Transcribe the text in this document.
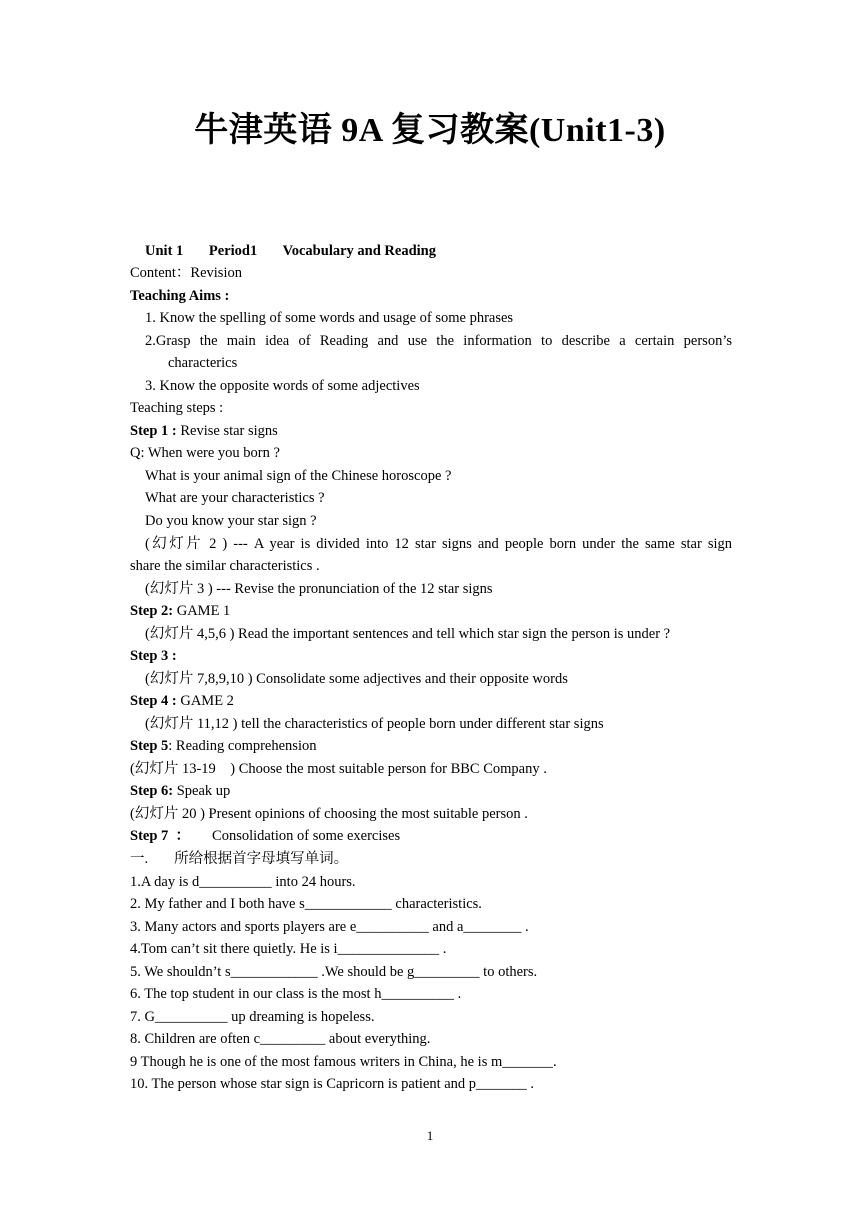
牛津英语 9A 复习教案(Unit1-3)
Unit 1 Period1 Vocabulary and Reading
Content：Revision
Teaching Aims :
1. Know the spelling of some words and usage of some phrases
2.Grasp the main idea of Reading and use the information to describe a certain person’s
characterics
3. Know the opposite words of some adjectives
Teaching steps :
Step 1 : Revise star signs
Q: When were you born ?
What is your animal sign of the Chinese horoscope ?
What are your characteristics ?
Do you know your star sign ?
(幻灯片 2 ) --- A year is divided into 12 star signs and people born under the same star sign
share the similar characteristics .
(幻灯片 3 ) --- Revise the pronunciation of the 12 star signs
Step 2: GAME 1
(幻灯片 4,5,6 ) Read the important sentences and tell which star sign the person is under ?
Step 3 :
(幻灯片 7,8,9,10 ) Consolidate some adjectives and their opposite words
Step 4 : GAME 2
(幻灯片 11,12 ) tell the characteristics of people born under different star signs
Step 5: Reading comprehension
(幻灯片 13-19    ) Choose the most suitable person for BBC Company .
Step 6: Speak up
(幻灯片 20 ) Present opinions of choosing the most suitable person .
Step 7  ： Consolidation of some exercises
一. 所给根据首字母填写单词。
1.A day is d__________ into 24 hours.
2. My father and I both have s____________ characteristics.
3. Many actors and sports players are e__________ and a________ .
4.Tom can’t sit there quietly. He is i______________ .
5. We shouldn’t s____________ .We should be g_________ to others.
6. The top student in our class is the most h__________ .
7. G__________ up dreaming is hopeless.
8. Children are often c_________ about everything.
9 Though he is one of the most famous writers in China, he is m_______.
10. The person whose star sign is Capricorn is patient and p_______ .
1
